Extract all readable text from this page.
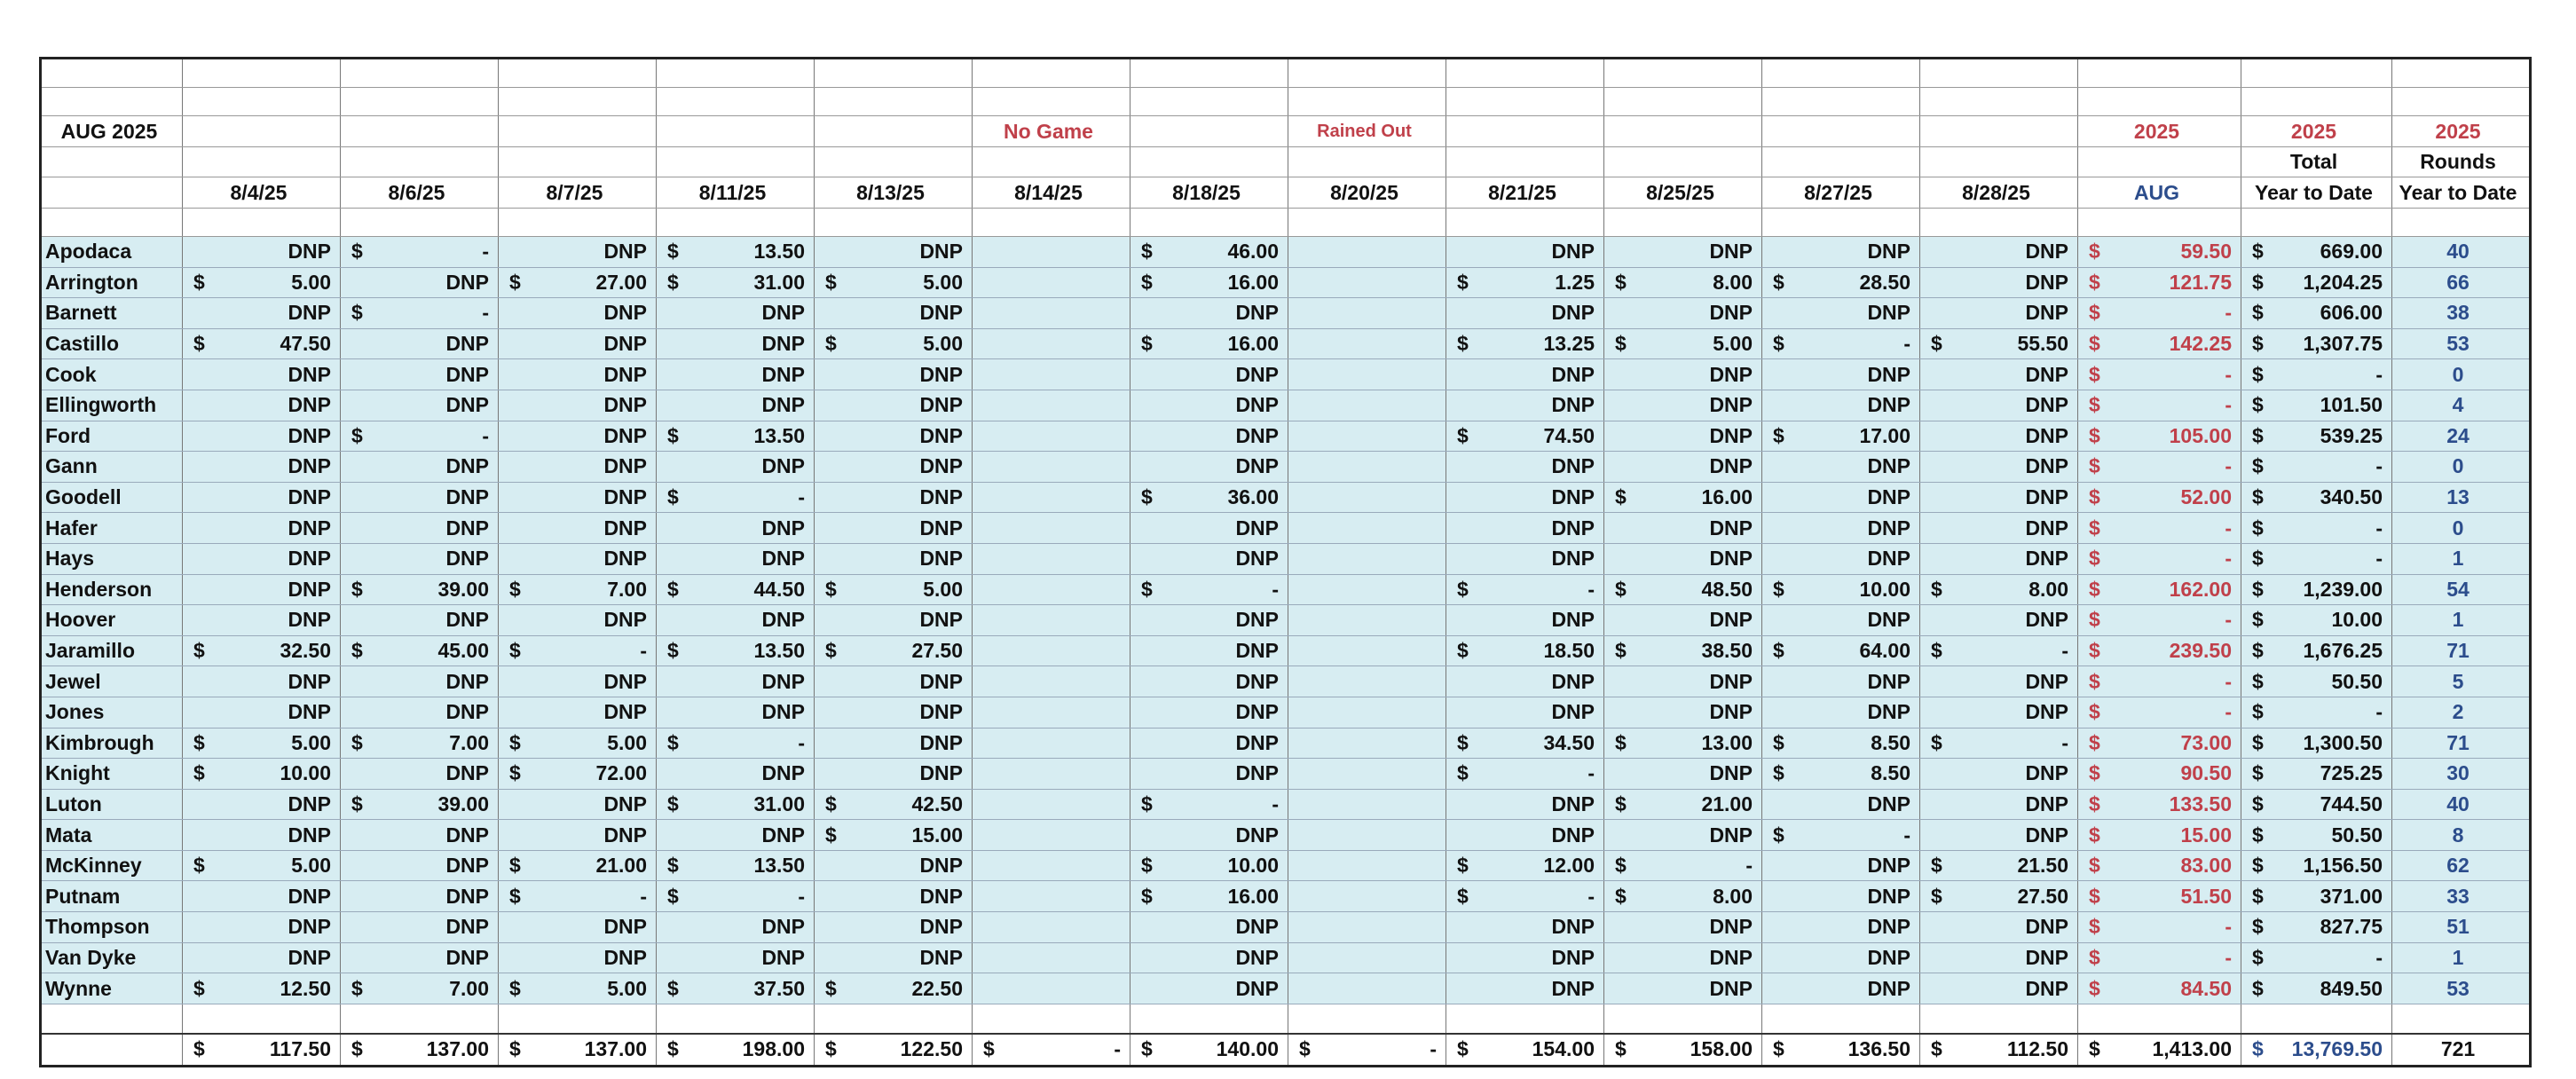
AUG 2025						No Game		Rained Out					2025	2025	2025
														Total	Rounds
	8/4/25	8/6/25	8/7/25	8/11/25	8/13/25	8/14/25	8/18/25	8/20/25	8/21/25	8/25/25	8/27/25	8/28/25	AUG	Year to Date	Year to Date

Apodaca	DNP	$ -	DNP	$ 13.50	DNP		$ 46.00		DNP	DNP	DNP	DNP	$ 59.50	$ 669.00	40
Arrington	$ 5.00	DNP	$ 27.00	$ 31.00	$ 5.00		$ 16.00		$ 1.25	$ 8.00	$ 28.50	DNP	$ 121.75	$ 1,204.25	66
Barnett	DNP	$ -	DNP	DNP	DNP		DNP		DNP	DNP	DNP	DNP	$ -	$ 606.00	38
Castillo	$ 47.50	DNP	DNP	DNP	$ 5.00		$ 16.00		$ 13.25	$ 5.00	$ -	$ 55.50	$ 142.25	$ 1,307.75	53
Cook	DNP	DNP	DNP	DNP	DNP		DNP		DNP	DNP	DNP	DNP	$ -	$ -	0
Ellingworth	DNP	DNP	DNP	DNP	DNP		DNP		DNP	DNP	DNP	DNP	$ -	$ 101.50	4
Ford	DNP	$ -	DNP	$ 13.50	DNP		DNP		$ 74.50	DNP	$ 17.00	DNP	$ 105.00	$ 539.25	24
Gann	DNP	DNP	DNP	DNP	DNP		DNP		DNP	DNP	DNP	DNP	$ -	$ -	0
Goodell	DNP	DNP	DNP	$ -	DNP		$ 36.00		DNP	$ 16.00	DNP	DNP	$ 52.00	$ 340.50	13
Hafer	DNP	DNP	DNP	DNP	DNP		DNP		DNP	DNP	DNP	DNP	$ -	$ -	0
Hays	DNP	DNP	DNP	DNP	DNP		DNP		DNP	DNP	DNP	DNP	$ -	$ -	1
Henderson	DNP	$ 39.00	$ 7.00	$ 44.50	$ 5.00		$ -		$ -	$ 48.50	$ 10.00	$ 8.00	$ 162.00	$ 1,239.00	54
Hoover	DNP	DNP	DNP	DNP	DNP		DNP		DNP	DNP	DNP	DNP	$ -	$ 10.00	1
Jaramillo	$ 32.50	$ 45.00	$ -	$ 13.50	$ 27.50		DNP		$ 18.50	$ 38.50	$ 64.00	$ -	$ 239.50	$ 1,676.25	71
Jewel	DNP	DNP	DNP	DNP	DNP		DNP		DNP	DNP	DNP	DNP	$ -	$ 50.50	5
Jones	DNP	DNP	DNP	DNP	DNP		DNP		DNP	DNP	DNP	DNP	$ -	$ -	2
Kimbrough	$ 5.00	$ 7.00	$ 5.00	$ -	DNP		DNP		$ 34.50	$ 13.00	$ 8.50	$ -	$ 73.00	$ 1,300.50	71
Knight	$ 10.00	DNP	$ 72.00	DNP	DNP		DNP		$ -	DNP	$ 8.50	DNP	$ 90.50	$ 725.25	30
Luton	DNP	$ 39.00	DNP	$ 31.00	$ 42.50		$ -		DNP	$ 21.00	DNP	DNP	$ 133.50	$ 744.50	40
Mata	DNP	DNP	DNP	DNP	$ 15.00		DNP		DNP	DNP	$ -	DNP	$ 15.00	$ 50.50	8
McKinney	$ 5.00	DNP	$ 21.00	$ 13.50	DNP		$ 10.00		$ 12.00	$ -	DNP	$ 21.50	$ 83.00	$ 1,156.50	62
Putnam	DNP	DNP	$ -	$ -	DNP		$ 16.00		$ -	$ 8.00	DNP	$ 27.50	$ 51.50	$ 371.00	33
Thompson	DNP	DNP	DNP	DNP	DNP		DNP		DNP	DNP	DNP	DNP	$ -	$ 827.75	51
Van Dyke	DNP	DNP	DNP	DNP	DNP		DNP		DNP	DNP	DNP	DNP	$ -	$ -	1
Wynne	$ 12.50	$ 7.00	$ 5.00	$ 37.50	$ 22.50		DNP		DNP	DNP	DNP	DNP	$ 84.50	$ 849.50	53

	$ 117.50	$ 137.00	$ 137.00	$ 198.00	$ 122.50	$ -	$ 140.00	$ -	$ 154.00	$ 158.00	$ 136.50	$ 112.50	$ 1,413.00	$ 13,769.50	721
